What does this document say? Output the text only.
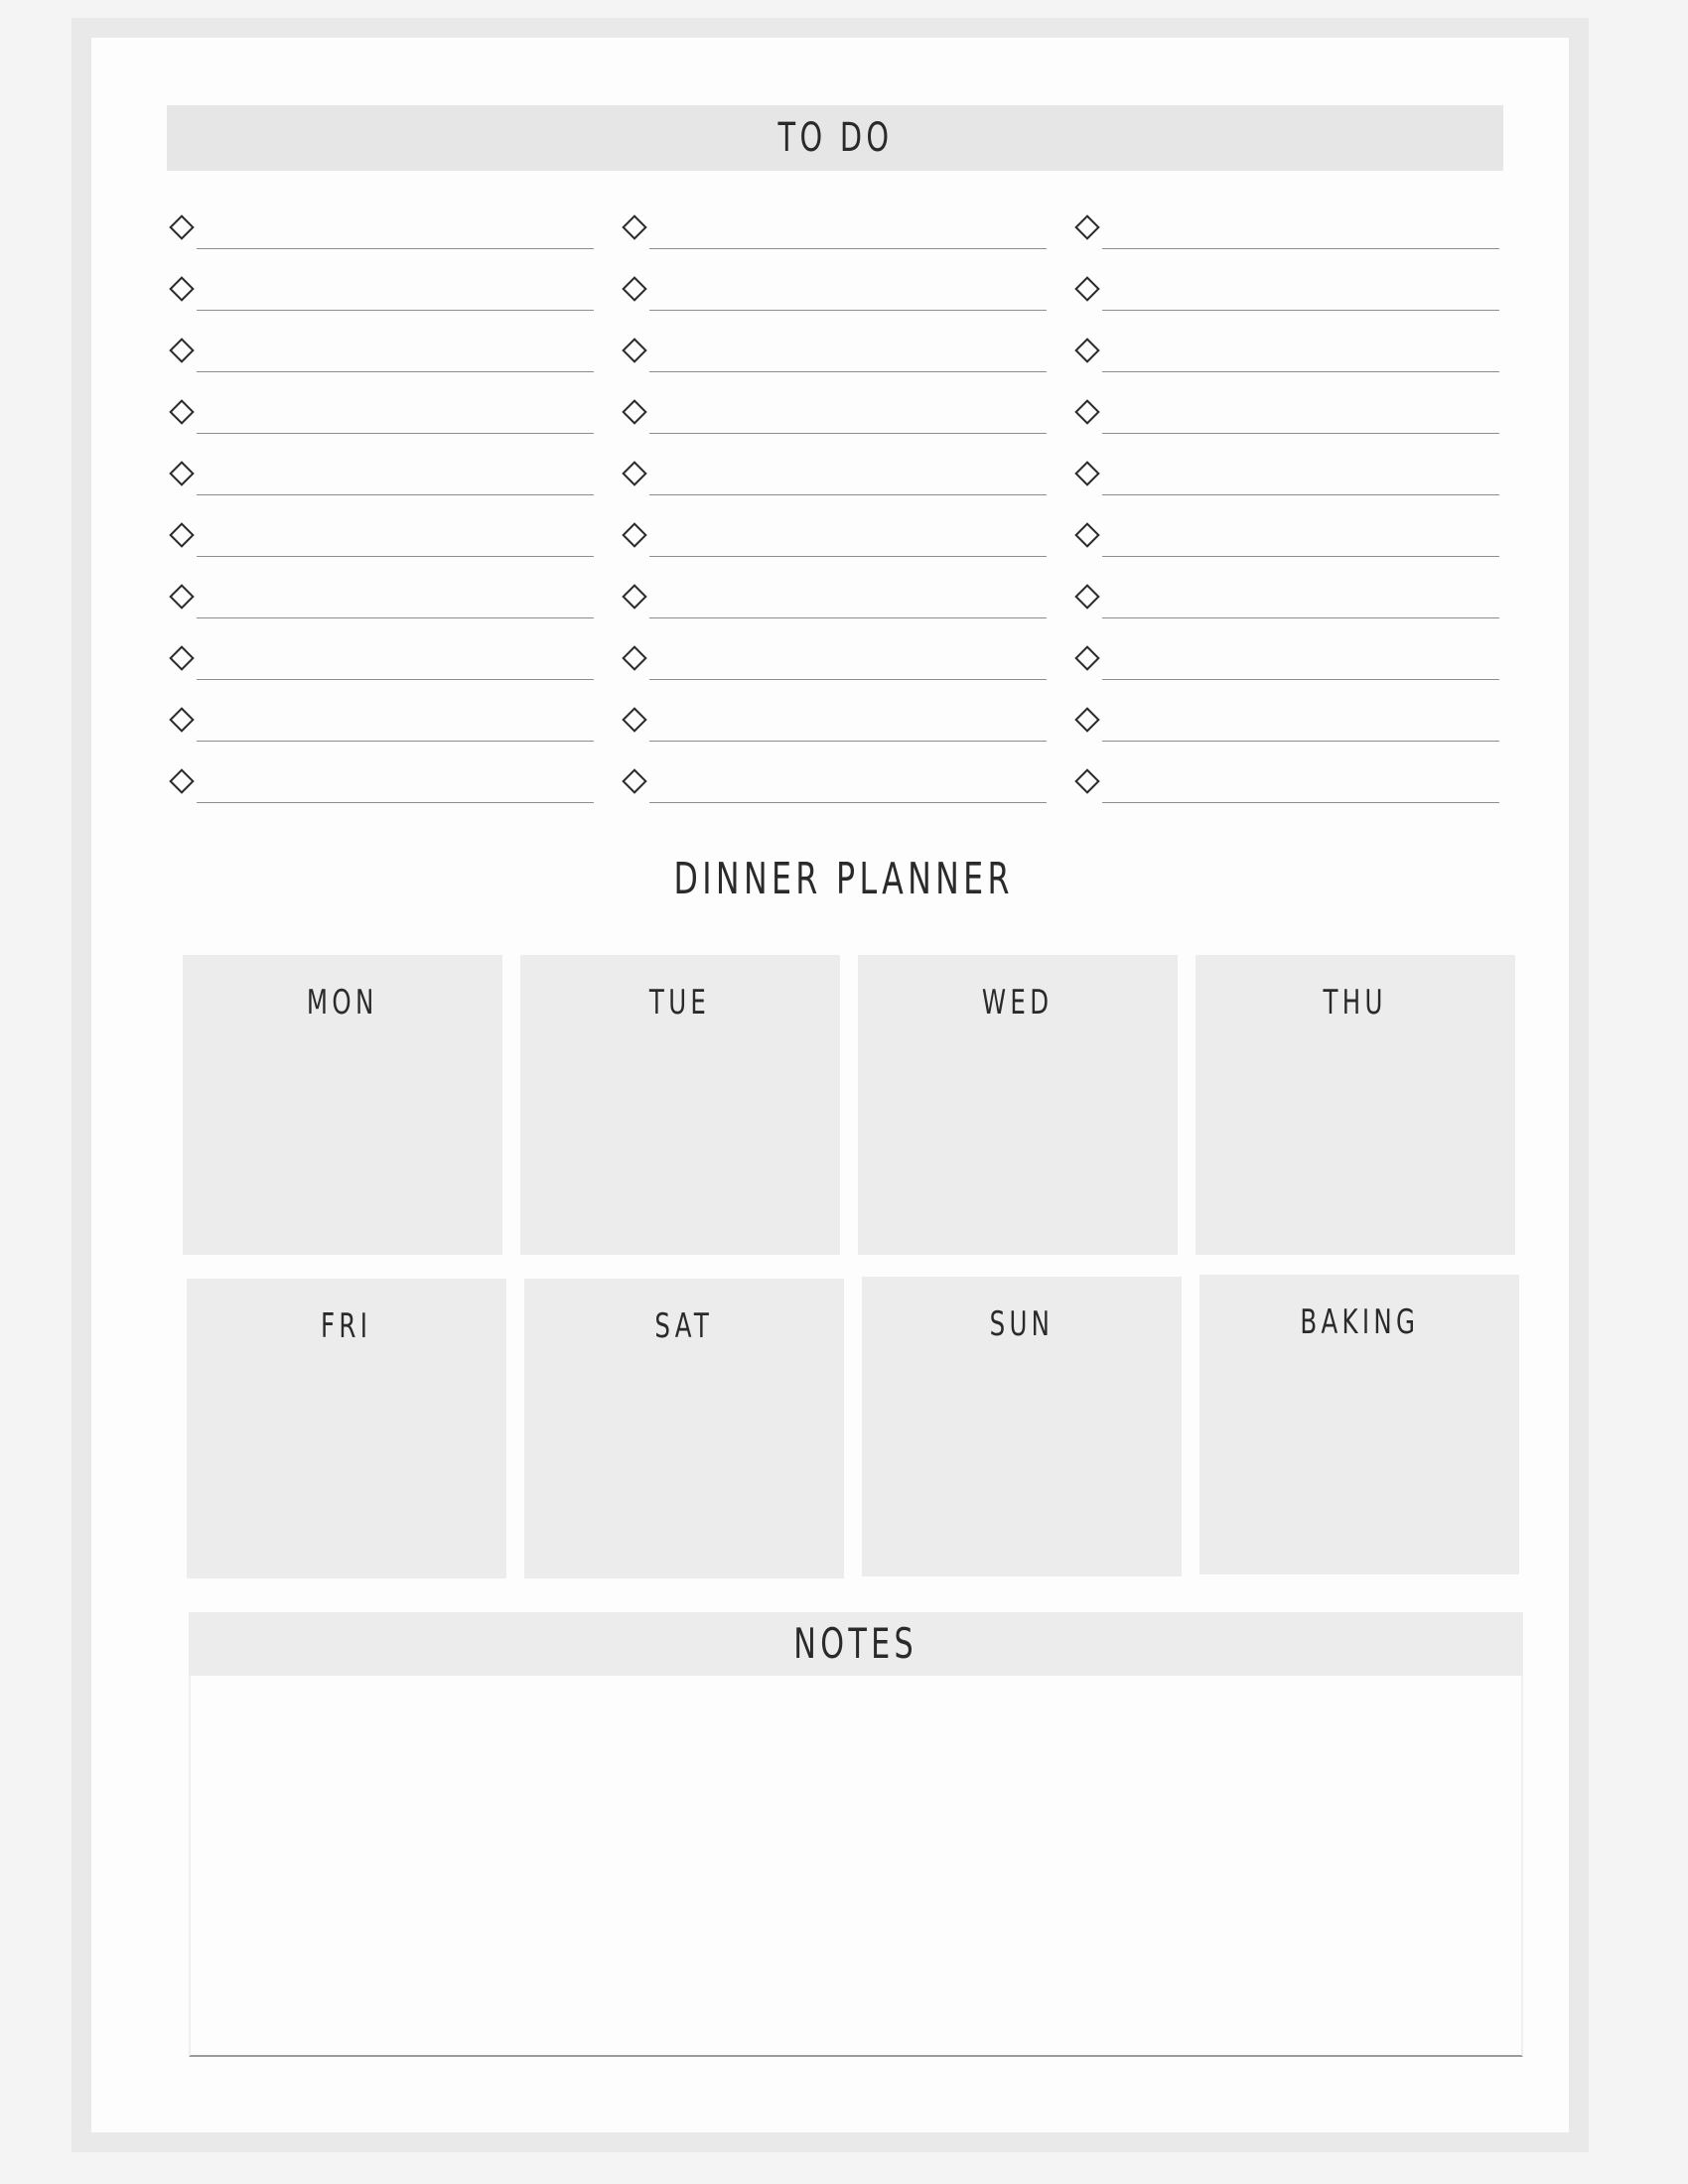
TO DO
DINNER PLANNER
MON	TUE	WED	THU
FRI	SAT	SUN	BAKING
NOTES
